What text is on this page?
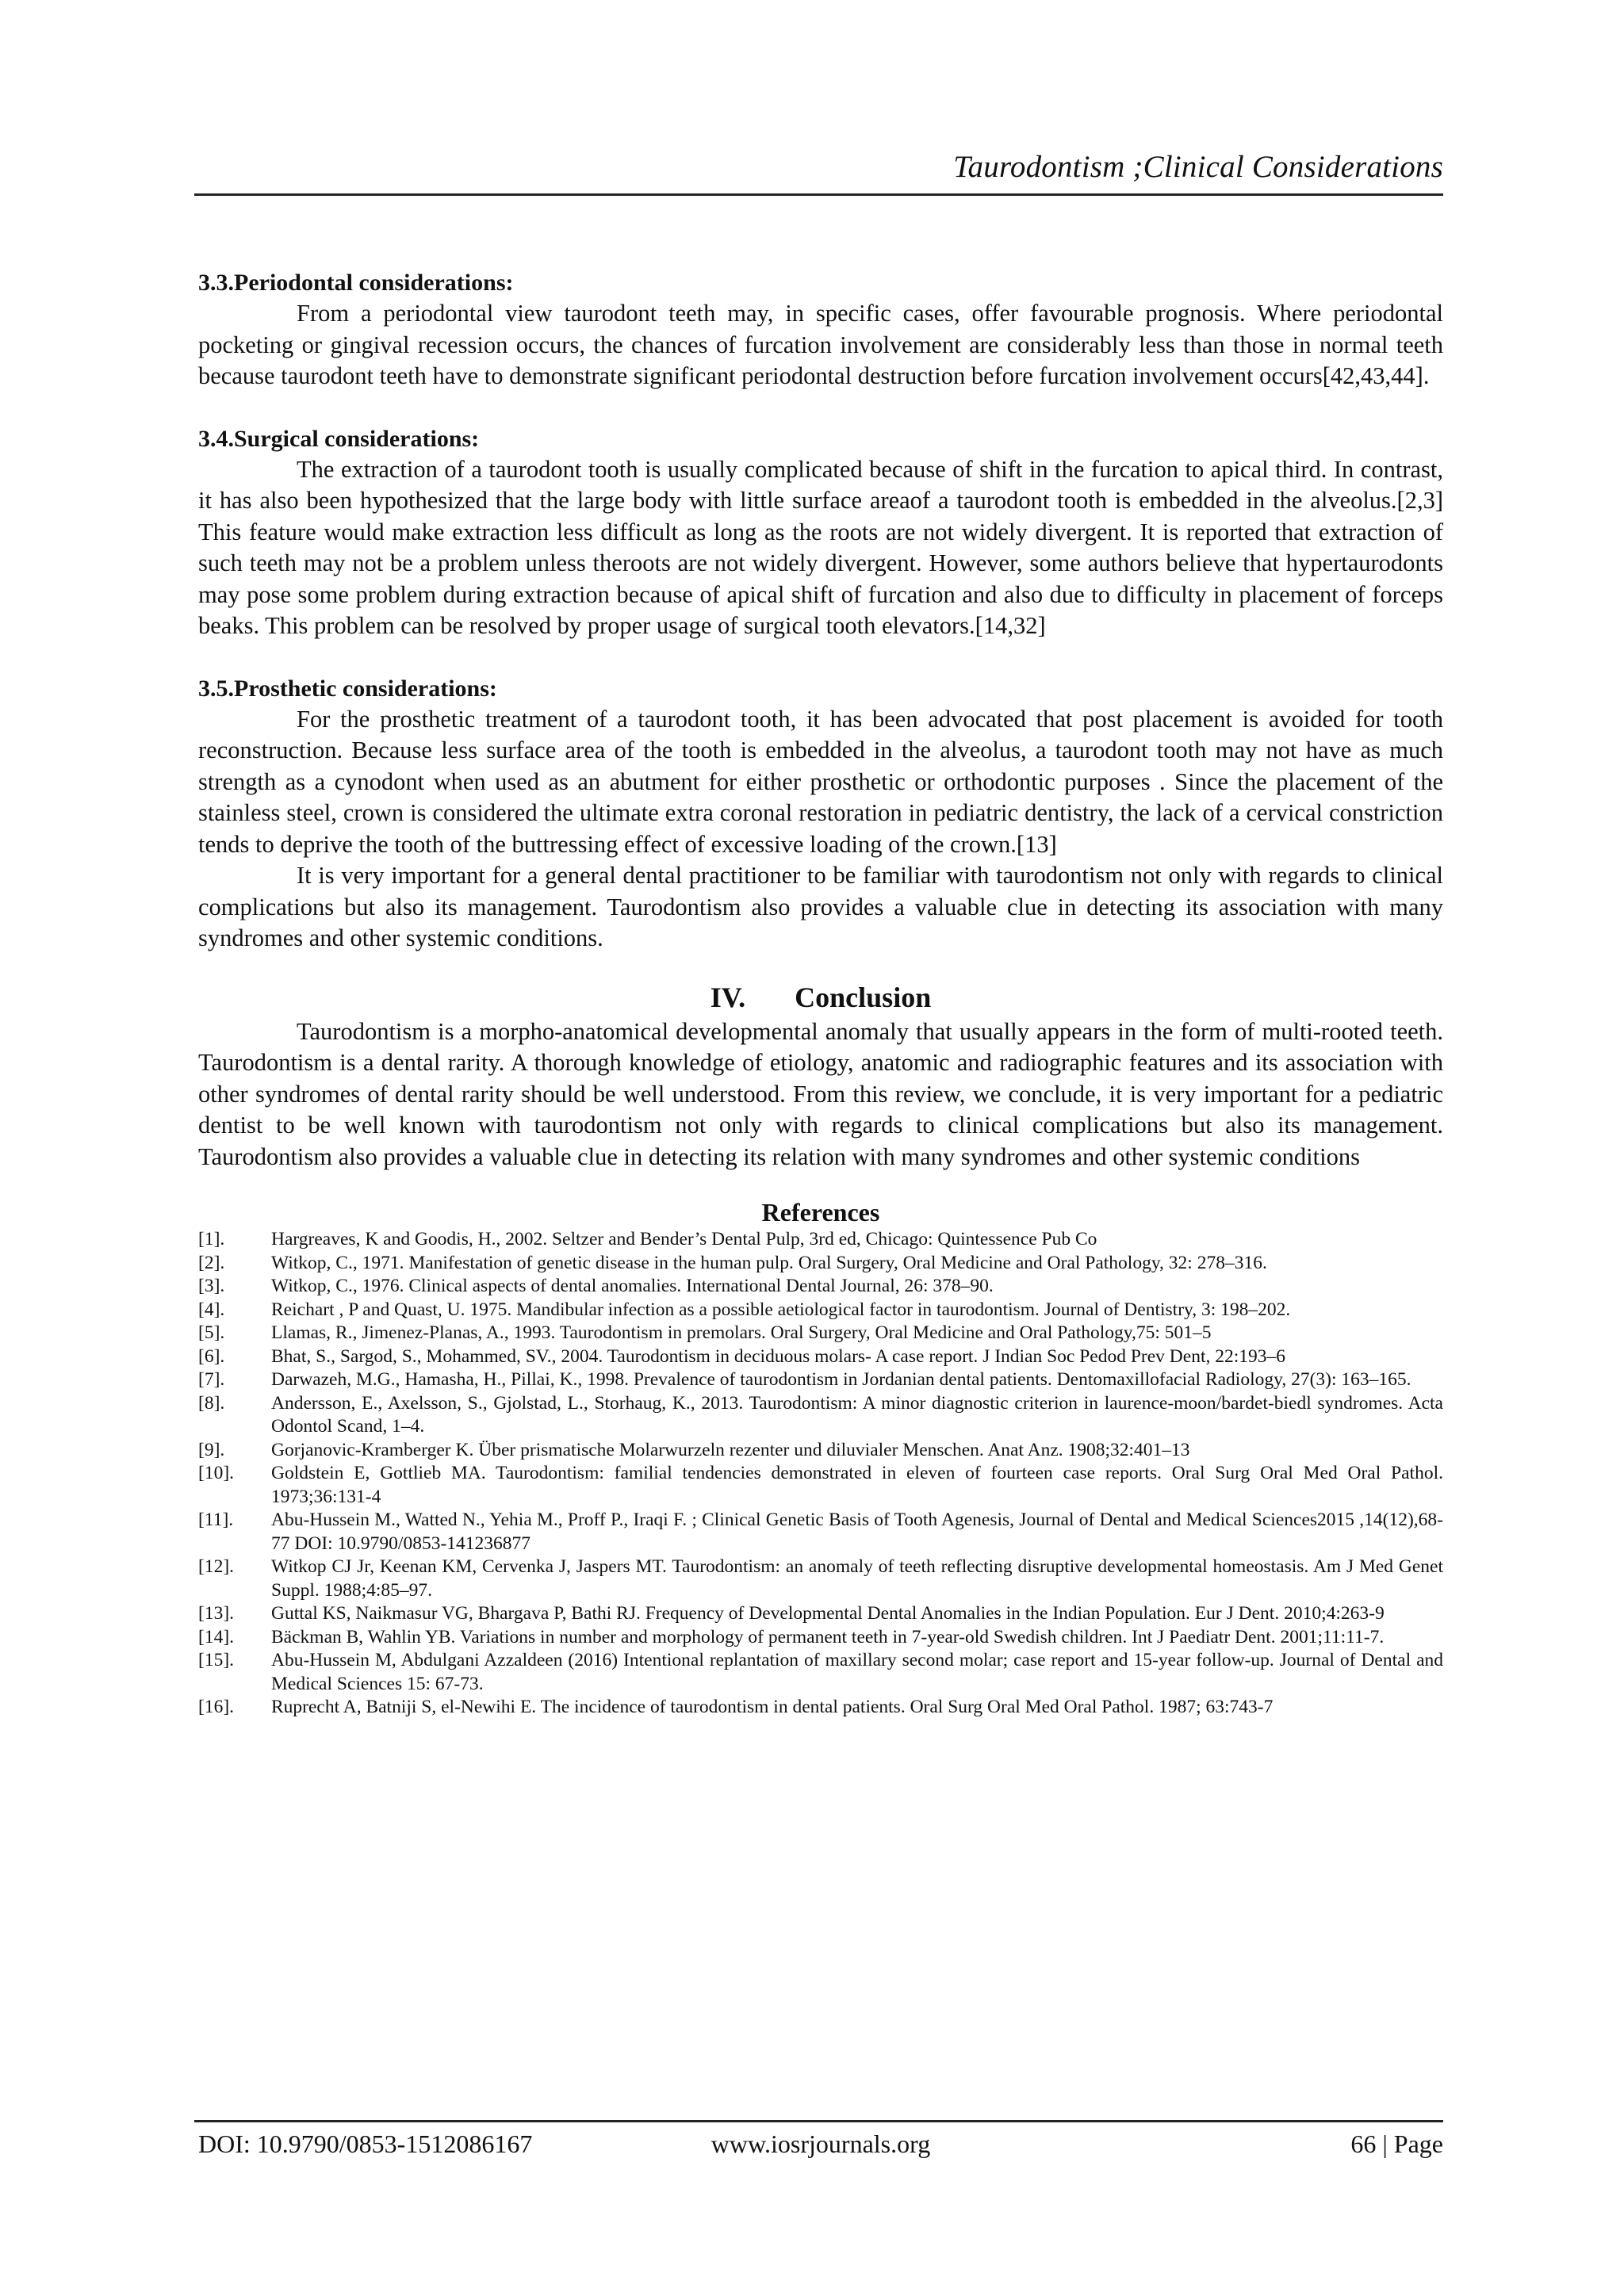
Taurodontism ;Clinical Considerations

3.3.Periodontal considerations:

From a periodontal view taurodont teeth may, in specific cases, offer favourable prognosis. Where periodontal pocketing or gingival recession occurs, the chances of furcation involvement are considerably less than those in normal teeth because taurodont teeth have to demonstrate significant periodontal destruction before furcation involvement occurs[42,43,44].

3.4.Surgical considerations:

The extraction of a taurodont tooth is usually complicated because of shift in the furcation to apical third. In contrast, it has also been hypothesized that the large body with little surface areaof a taurodont tooth is embedded in the alveolus.[2,3] This feature would make extraction less difficult as long as the roots are not widely divergent. It is reported that extraction of such teeth may not be a problem unless theroots are not widely divergent. However, some authors believe that hypertaurodonts may pose some problem during extraction because of apical shift of furcation and also due to difficulty in placement of forceps beaks. This problem can be resolved by proper usage of surgical tooth elevators.[14,32]

3.5.Prosthetic considerations:

For the prosthetic treatment of a taurodont tooth, it has been advocated that post placement is avoided for tooth reconstruction. Because less surface area of the tooth is embedded in the alveolus, a taurodont tooth may not have as much strength as a cynodont when used as an abutment for either prosthetic or orthodontic purposes . Since the placement of the stainless steel, crown is considered the ultimate extra coronal restoration in pediatric dentistry, the lack of a cervical constriction tends to deprive the tooth of the buttressing effect of excessive loading of the crown.[13]

It is very important for a general dental practitioner to be familiar with taurodontism not only with regards to clinical complications but also its management. Taurodontism also provides a valuable clue in detecting its association with many syndromes and other systemic conditions.

IV. Conclusion

Taurodontism is a morpho-anatomical developmental anomaly that usually appears in the form of multi-rooted teeth. Taurodontism is a dental rarity. A thorough knowledge of etiology, anatomic and radiographic features and its association with other syndromes of dental rarity should be well understood. From this review, we conclude, it is very important for a pediatric dentist to be well known with taurodontism not only with regards to clinical complications but also its management. Taurodontism also provides a valuable clue in detecting its relation with many syndromes and other systemic conditions

References

[1].	Hargreaves, K and Goodis, H., 2002. Seltzer and Bender’s Dental Pulp, 3rd ed, Chicago: Quintessence Pub Co
[2].	Witkop, C., 1971. Manifestation of genetic disease in the human pulp. Oral Surgery, Oral Medicine and Oral Pathology, 32: 278–316.
[3].	Witkop, C., 1976. Clinical aspects of dental anomalies. International Dental Journal, 26: 378–90.
[4].	Reichart , P and Quast, U. 1975. Mandibular infection as a possible aetiological factor in taurodontism. Journal of Dentistry, 3: 198–202.
[5].	Llamas, R., Jimenez-Planas, A., 1993. Taurodontism in premolars. Oral Surgery, Oral Medicine and Oral Pathology,75: 501–5
[6].	Bhat, S., Sargod, S., Mohammed, SV., 2004. Taurodontism in deciduous molars- A case report. J Indian Soc Pedod Prev Dent, 22:193–6
[7].	Darwazeh, M.G., Hamasha, H., Pillai, K., 1998. Prevalence of taurodontism in Jordanian dental patients. Dentomaxillofacial Radiology, 27(3): 163–165.
[8].	Andersson, E., Axelsson, S., Gjolstad, L., Storhaug, K., 2013. Taurodontism: A minor diagnostic criterion in laurence-moon/bardet-biedl syndromes. Acta Odontol Scand, 1–4.
[9].	Gorjanovic-Kramberger K. Über prismatische Molarwurzeln rezenter und diluvialer Menschen. Anat Anz. 1908;32:401–13
[10].	Goldstein E, Gottlieb MA. Taurodontism: familial tendencies demonstrated in eleven of fourteen case reports. Oral Surg Oral Med Oral Pathol. 1973;36:131-4
[11].	Abu-Hussein M., Watted N., Yehia M., Proff P., Iraqi F. ; Clinical Genetic Basis of Tooth Agenesis, Journal of Dental and Medical Sciences2015 ,14(12),68-77 DOI: 10.9790/0853-141236877
[12].	Witkop CJ Jr, Keenan KM, Cervenka J, Jaspers MT. Taurodontism: an anomaly of teeth reflecting disruptive developmental homeostasis. Am J Med Genet Suppl. 1988;4:85–97.
[13].	Guttal KS, Naikmasur VG, Bhargava P, Bathi RJ. Frequency of Developmental Dental Anomalies in the Indian Population. Eur J Dent. 2010;4:263-9
[14].	Bäckman B, Wahlin YB. Variations in number and morphology of permanent teeth in 7-year-old Swedish children. Int J Paediatr Dent. 2001;11:11-7.
[15].	Abu-Hussein M, Abdulgani Azzaldeen (2016) Intentional replantation of maxillary second molar; case report and 15-year follow-up. Journal of Dental and Medical Sciences 15: 67-73.
[16].	Ruprecht A, Batniji S, el-Newihi E. The incidence of taurodontism in dental patients. Oral Surg Oral Med Oral Pathol. 1987; 63:743-7
DOI: 10.9790/0853-1512086167	www.iosrjournals.org	66 | Page
